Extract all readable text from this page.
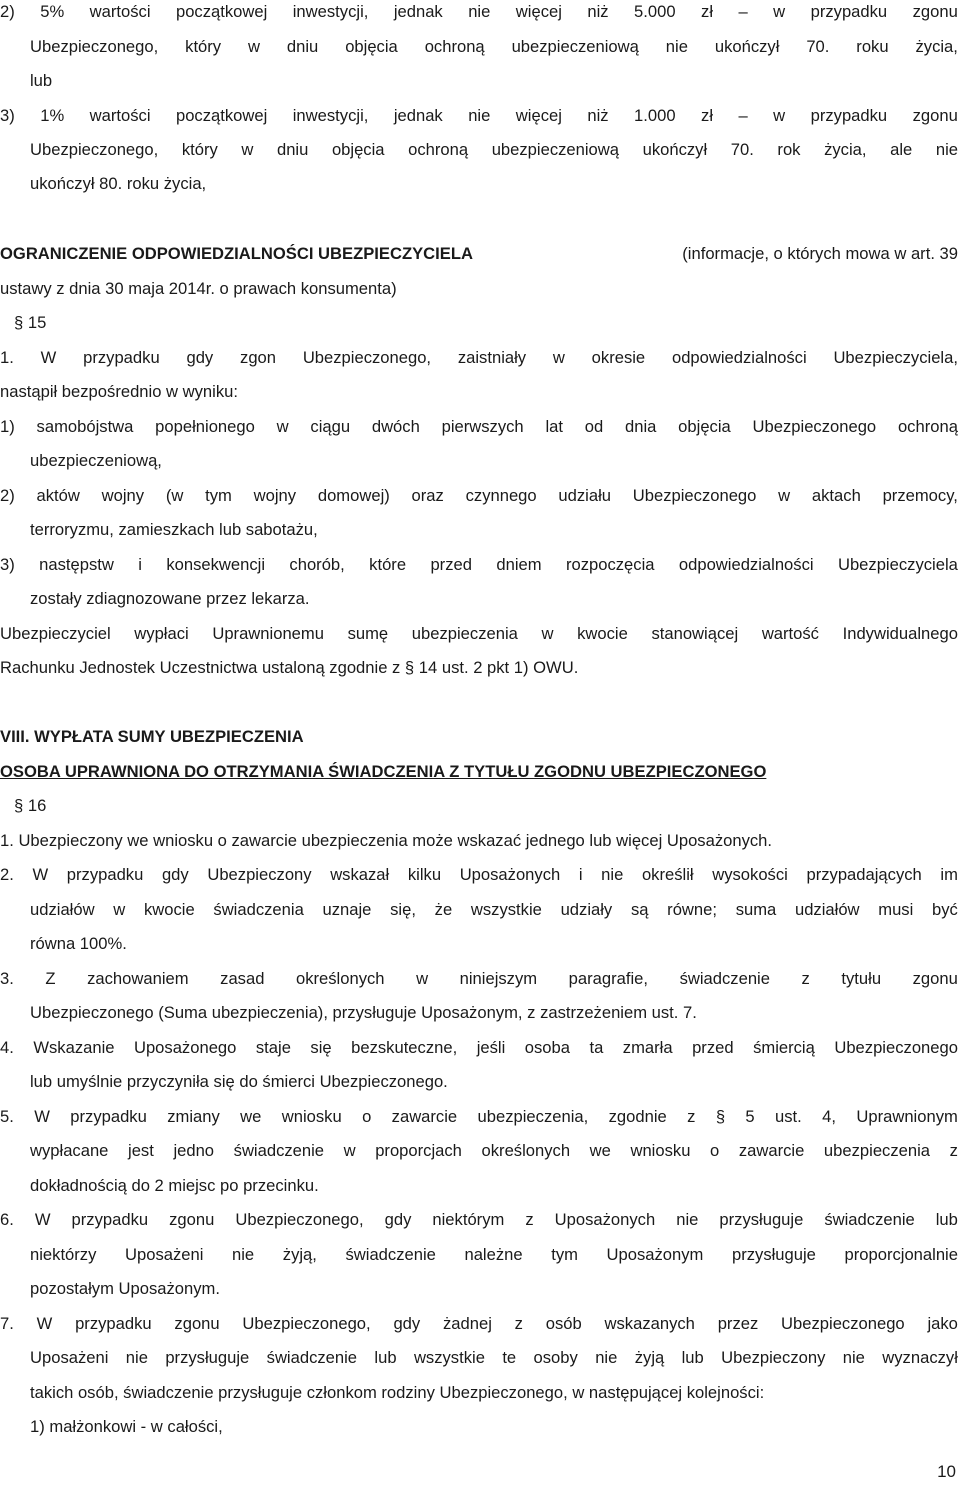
2) 5% wartości początkowej inwestycji, jednak nie więcej niż 5.000 zł – w przypadku zgonu
Ubezpieczonego, który w dniu objęcia ochroną ubezpieczeniową nie ukończył 70. roku życia,
lub
3) 1% wartości początkowej inwestycji, jednak nie więcej niż 1.000 zł – w przypadku zgonu
Ubezpieczonego, który w dniu objęcia ochroną ubezpieczeniową ukończył 70. rok życia, ale nie
ukończył 80. roku życia,
OGRANICZENIE ODPOWIEDZIALNOŚCI UBEZPIECZYCIELA	(informacje, o których mowa w art. 39
ustawy z dnia 30 maja 2014r. o prawach konsumenta)
§ 15
1. W przypadku gdy zgon Ubezpieczonego, zaistniały w okresie odpowiedzialności Ubezpieczyciela,
nastąpił bezpośrednio w wyniku:
1) samobójstwa popełnionego w ciągu dwóch pierwszych lat od dnia objęcia Ubezpieczonego ochroną
ubezpieczeniową,
2) aktów wojny (w tym wojny domowej) oraz czynnego udziału Ubezpieczonego w aktach przemocy,
terroryzmu, zamieszkach lub sabotażu,
3) następstw i konsekwencji chorób, które przed dniem rozpoczęcia odpowiedzialności Ubezpieczyciela
zostały zdiagnozowane przez lekarza.
Ubezpieczyciel wypłaci Uprawnionemu sumę ubezpieczenia w kwocie stanowiącej wartość Indywidualnego
Rachunku Jednostek Uczestnictwa ustaloną zgodnie z § 14 ust. 2 pkt 1) OWU.
VIII. WYPŁATA SUMY UBEZPIECZENIA
OSOBA UPRAWNIONA DO OTRZYMANIA ŚWIADCZENIA Z TYTUŁU ZGODNU UBEZPIECZONEGO
§ 16
1. Ubezpieczony we wniosku o zawarcie ubezpieczenia może wskazać jednego lub więcej Uposażonych.
2. W przypadku gdy Ubezpieczony wskazał kilku Uposażonych i nie określił wysokości przypadających im
udziałów w kwocie świadczenia uznaje się, że wszystkie udziały są równe; suma udziałów musi być
równa 100%.
3. Z zachowaniem zasad określonych w niniejszym paragrafie, świadczenie z tytułu zgonu
Ubezpieczonego (Suma ubezpieczenia), przysługuje Uposażonym, z zastrzeżeniem ust. 7.
4. Wskazanie Uposażonego staje się bezskuteczne, jeśli osoba ta zmarła przed śmiercią Ubezpieczonego
lub umyślnie przyczyniła się do śmierci Ubezpieczonego.
5. W przypadku zmiany we wniosku o zawarcie ubezpieczenia, zgodnie z § 5 ust. 4, Uprawnionym
wypłacane jest jedno świadczenie w proporcjach określonych we wniosku o zawarcie ubezpieczenia z
dokładnością do 2 miejsc po przecinku.
6. W przypadku zgonu Ubezpieczonego, gdy niektórym z Uposażonych nie przysługuje świadczenie lub
niektórzy Uposażeni nie żyją, świadczenie należne tym Uposażonym przysługuje proporcjonalnie
pozostałym Uposażonym.
7. W przypadku zgonu Ubezpieczonego, gdy żadnej z osób wskazanych przez Ubezpieczonego jako
Uposażeni nie przysługuje świadczenie lub wszystkie te osoby nie żyją lub Ubezpieczony nie wyznaczył
takich osób, świadczenie przysługuje członkom rodziny Ubezpieczonego, w następującej kolejności:
1) małżonkowi - w całości,
10
